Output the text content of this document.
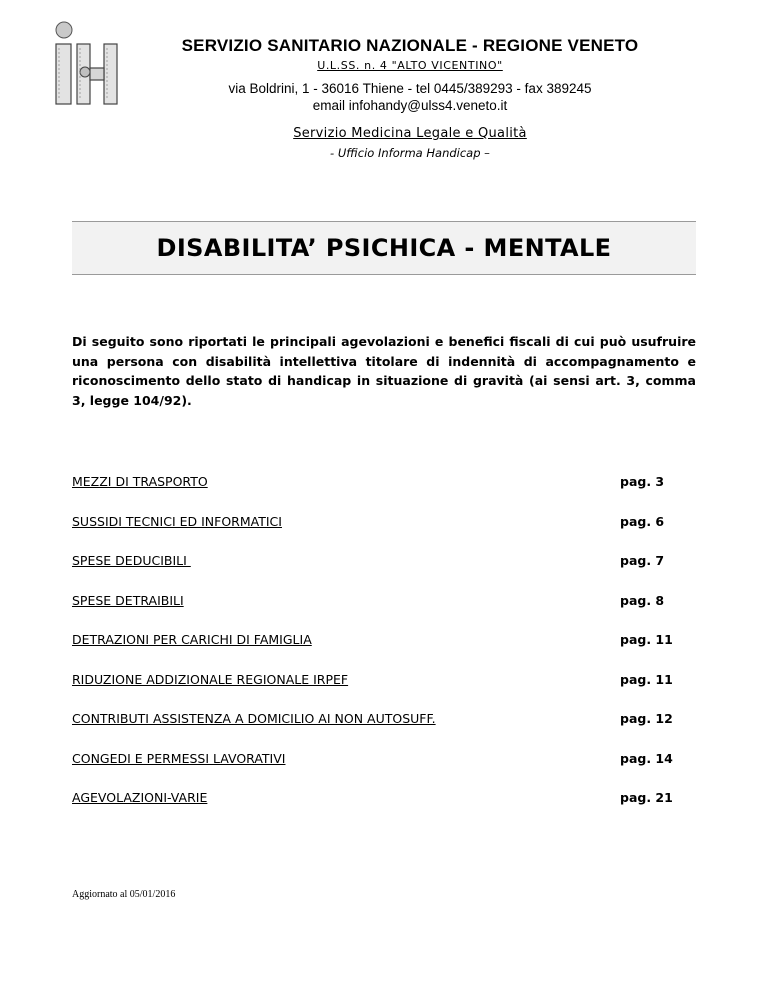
SERVIZIO SANITARIO NAZIONALE - REGIONE VENETO
U.L.SS. n. 4 "ALTO VICENTINO"
via Boldrini, 1 - 36016 Thiene - tel 0445/389293 - fax 389245
email infohandy@ulss4.veneto.it
Servizio Medicina Legale e Qualità
- Ufficio Informa Handicap –
DISABILITA’ PSICHICA - MENTALE
Di seguito sono riportati le principali agevolazioni e benefici fiscali di cui può usufruire una persona con disabilità intellettiva titolare di indennità di accompagnamento e riconoscimento dello stato di handicap in situazione di gravità (ai sensi art. 3, comma 3, legge 104/92).
MEZZI DI TRASPORTO	pag. 3
SUSSIDI TECNICI ED INFORMATICI	pag. 6
SPESE DEDUCIBILI	pag. 7
SPESE DETRAIBILI	pag. 8
DETRAZIONI PER CARICHI DI FAMIGLIA	pag. 11
RIDUZIONE ADDIZIONALE REGIONALE IRPEF	pag. 11
CONTRIBUTI ASSISTENZA A DOMICILIO AI NON AUTOSUFF.	pag. 12
CONGEDI E PERMESSI LAVORATIVI	pag. 14
AGEVOLAZIONI-VARIE	pag. 21
Aggiornato al 05/01/2016
